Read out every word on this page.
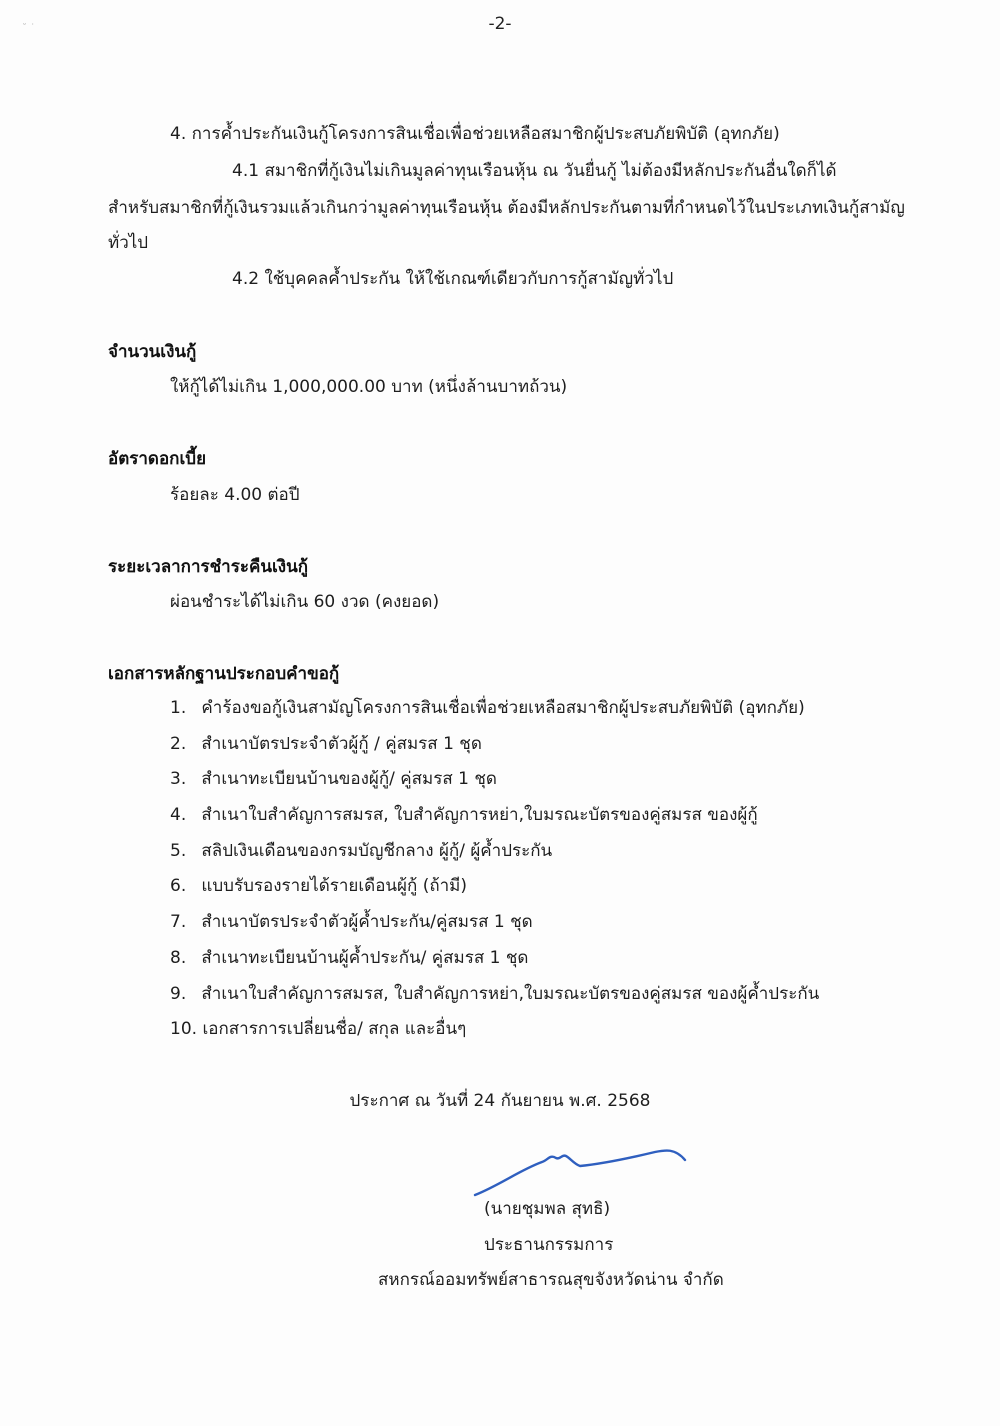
˘ ˙	-2-
4. การค้ำประกันเงินกู้โครงการสินเชื่อเพื่อช่วยเหลือสมาชิกผู้ประสบภัยพิบัติ (อุทกภัย)
4.1 สมาชิกที่กู้เงินไม่เกินมูลค่าทุนเรือนหุ้น ณ วันยื่นกู้ ไม่ต้องมีหลักประกันอื่นใดก็ได้
สำหรับสมาชิกที่กู้เงินรวมแล้วเกินกว่ามูลค่าทุนเรือนหุ้น ต้องมีหลักประกันตามที่กำหนดไว้ในประเภทเงินกู้สามัญ
ทั่วไป
4.2 ใช้บุคคลค้ำประกัน ให้ใช้เกณฑ์เดียวกับการกู้สามัญทั่วไป
จำนวนเงินกู้
ให้กู้ได้ไม่เกิน 1,000,000.00 บาท (หนึ่งล้านบาทถ้วน)
อัตราดอกเบี้ย
ร้อยละ 4.00 ต่อปี
ระยะเวลาการชำระคืนเงินกู้
ผ่อนชำระได้ไม่เกิน 60 งวด (คงยอด)
เอกสารหลักฐานประกอบคำขอกู้
1. คำร้องขอกู้เงินสามัญโครงการสินเชื่อเพื่อช่วยเหลือสมาชิกผู้ประสบภัยพิบัติ (อุทกภัย)
2. สำเนาบัตรประจำตัวผู้กู้ / คู่สมรส 1 ชุด
3. สำเนาทะเบียนบ้านของผู้กู้/ คู่สมรส 1 ชุด
4. สำเนาใบสำคัญการสมรส, ใบสำคัญการหย่า,ใบมรณะบัตรของคู่สมรส ของผู้กู้
5. สลิปเงินเดือนของกรมบัญชีกลาง ผู้กู้/ ผู้ค้ำประกัน
6. แบบรับรองรายได้รายเดือนผู้กู้ (ถ้ามี)
7. สำเนาบัตรประจำตัวผู้ค้ำประกัน/คู่สมรส 1 ชุด
8. สำเนาทะเบียนบ้านผู้ค้ำประกัน/ คู่สมรส 1 ชุด
9. สำเนาใบสำคัญการสมรส, ใบสำคัญการหย่า,ใบมรณะบัตรของคู่สมรส ของผู้ค้ำประกัน
10. เอกสารการเปลี่ยนชื่อ/ สกุล และอื่นๆ
ประกาศ ณ วันที่ 24 กันยายน พ.ศ. 2568
(นายชุมพล สุทธิ)
ประธานกรรมการ
สหกรณ์ออมทรัพย์สาธารณสุขจังหวัดน่าน จำกัด
